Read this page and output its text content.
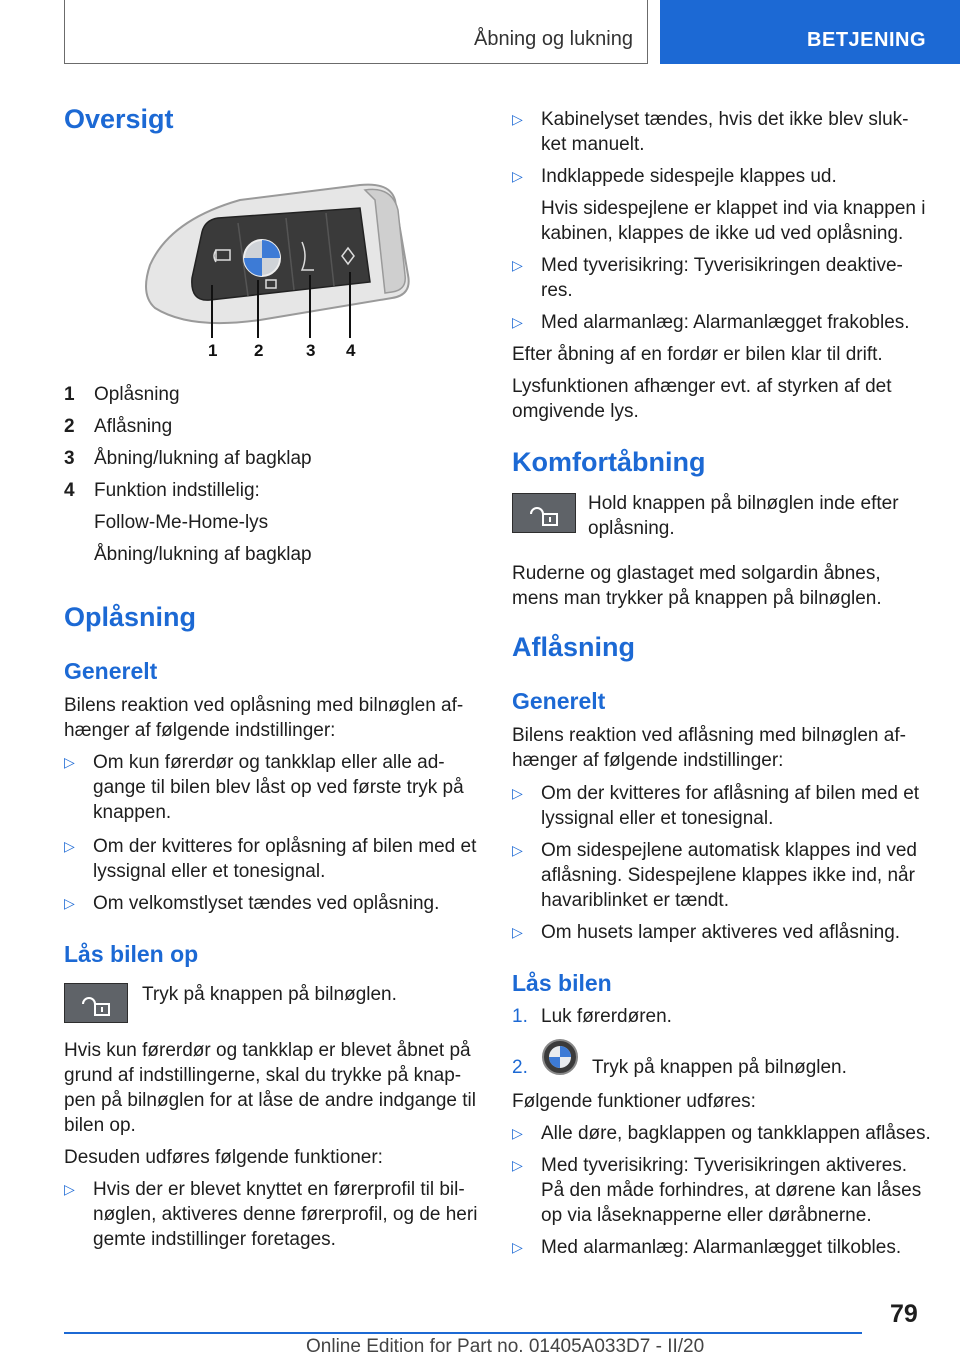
Åbning og lukning	BETJENING
Oversigt
1 2	3 4
1 Oplåsning
2 Aflåsning
3 Åbning/lukning af bagklap
4 Funktion indstillelig:
Follow-Me-Home-lys
Åbning/lukning af bagklap
Oplåsning
Generelt
Bilens reaktion ved oplåsning med bilnøglen af-
hænger af følgende indstillinger:
▷ Om kun førerdør og tankklap eller alle ad-
gange til bilen blev låst op ved første tryk på
knappen.
▷ Om der kvitteres for oplåsning af bilen med et
lyssignal eller et tonesignal.
▷ Om velkomstlyset tændes ved oplåsning.
Lås bilen op
Tryk på knappen på bilnøglen.
Hvis kun førerdør og tankklap er blevet åbnet på
grund af indstillingerne, skal du trykke på knap-
pen på bilnøglen for at låse de andre indgange til
bilen op.
Desuden udføres følgende funktioner:
▷ Hvis der er blevet knyttet en førerprofil til bil-
nøglen, aktiveres denne førerprofil, og de heri
gemte indstillinger foretages.
▷ Kabinelyset tændes, hvis det ikke blev sluk-
ket manuelt.
▷ Indklappede sidespejle klappes ud.
Hvis sidespejlene er klappet ind via knappen i
kabinen, klappes de ikke ud ved oplåsning.
▷ Med tyverisikring: Tyverisikringen deaktive-
res.
▷ Med alarmanlæg: Alarmanlægget frakobles.
Efter åbning af en fordør er bilen klar til drift.
Lysfunktionen afhænger evt. af styrken af det
omgivende lys.
Komfortåbning
Hold knappen på bilnøglen inde efter
oplåsning.
Ruderne og glastaget med solgardin åbnes,
mens man trykker på knappen på bilnøglen.
Aflåsning
Generelt
Bilens reaktion ved aflåsning med bilnøglen af-
hænger af følgende indstillinger:
▷ Om der kvitteres for aflåsning af bilen med et
lyssignal eller et tonesignal.
▷ Om sidespejlene automatisk klappes ind ved
aflåsning. Sidespejlene klappes ikke ind, når
havariblinket er tændt.
▷ Om husets lamper aktiveres ved aflåsning.
Lås bilen
1. Luk førerdøren.
2.	Tryk på knappen på bilnøglen.
Følgende funktioner udføres:
▷ Alle døre, bagklappen og tankklappen aflåses.
▷ Med tyverisikring: Tyverisikringen aktiveres.
På den måde forhindres, at dørene kan låses
op via låseknapperne eller døråbnerne.
▷ Med alarmanlæg: Alarmanlægget tilkobles.
79
Online Edition for Part no. 01405A033D7 - II/20
